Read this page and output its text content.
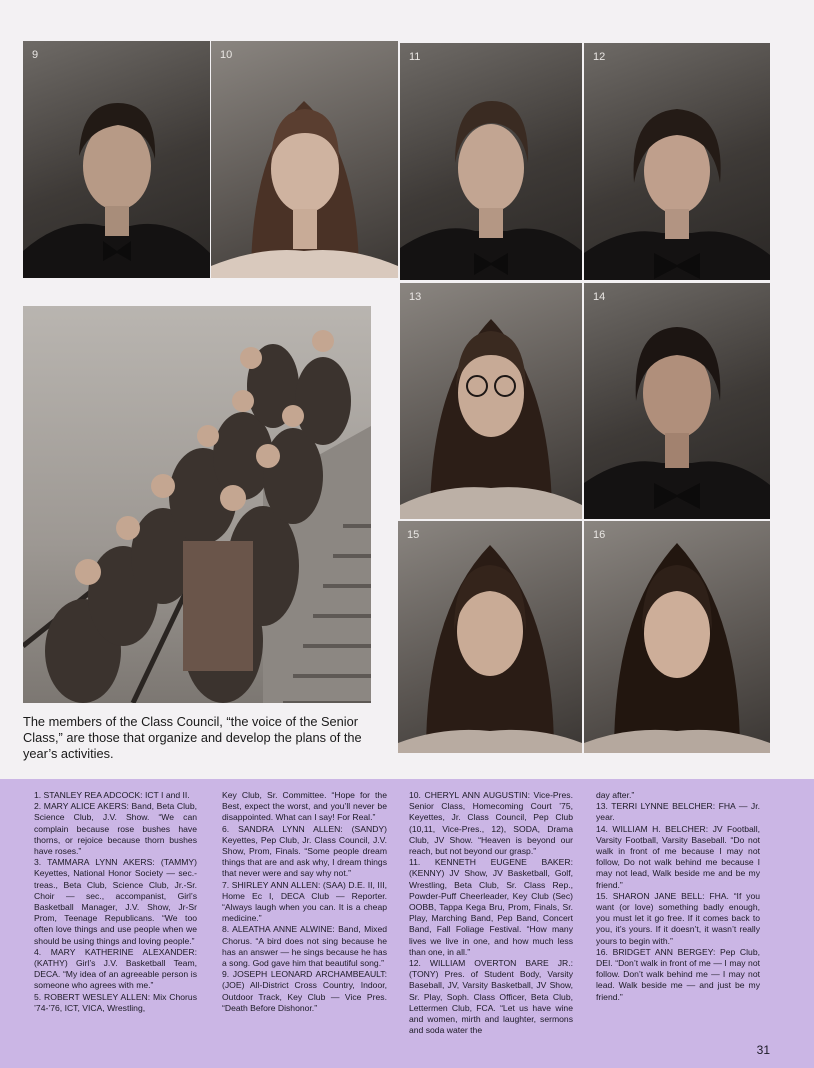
9	10	11	12
13	14
15	16
The members of the Class Council, “the voice of the Senior Class,” are those that organize and develop the plans of the year’s activities.

1. STANLEY REA ADCOCK: ICT I and II.

2. MARY ALICE AKERS: Band, Beta Club, Science Club, J.V. Show. “We can complain because rose bushes have thorns, or rejoice because thorn bushes have roses.”

3. TAMMARA LYNN AKERS: (TAMMY) Keyettes, National Honor Society — sec.-treas., Beta Club, Science Club, Jr.-Sr. Choir — sec., accompanist, Girl’s Basketball Manager, J.V. Show, Jr-Sr Prom, Teenage Republicans. “We too often love things and use people when we should be using things and loving people.”

4. MARY KATHERINE ALEXANDER: (KATHY) Girl’s J.V. Basketball Team, DECA. “My idea of an agreeable person is someone who agrees with me.”

5. ROBERT WESLEY ALLEN: Mix Chorus ’74-’76, ICT, VICA, Wrestling,

Key Club, Sr. Committee. “Hope for the Best, expect the worst, and you’ll never be disappointed. What can I say! For Real.”

6. SANDRA LYNN ALLEN: (SANDY) Keyettes, Pep Club, Jr. Class Council, J.V. Show, Prom, Finals. “Some people dream things that are and ask why, I dream things that never were and say why not.”

7. SHIRLEY ANN ALLEN: (SAA) D.E. II, III, Home Ec I, DECA Club — Reporter. “Always laugh when you can. It is a cheap medicine.”

8. ALEATHA ANNE ALWINE: Band, Mixed Chorus. “A bird does not sing because he has an answer — he sings because he has a song. God gave him that beautiful song.”

9. JOSEPH LEONARD ARCHAMBEAULT: (JOE) All-District Cross Country, Indoor, Outdoor Track, Key Club — Vice Pres. “Death Before Dishonor.”

10. CHERYL ANN AUGUSTIN: Vice-Pres. Senior Class, Homecoming Court ’75, Keyettes, Jr. Class Council, Pep Club (10,11, Vice-Pres., 12), SODA, Drama Club, JV Show. “Heaven is beyond our reach, but not beyond our grasp.”

11. KENNETH EUGENE BAKER: (KENNY) JV Show, JV Basketball, Golf, Wrestling, Beta Club, Sr. Class Rep., Powder-Puff Cheerleader, Key Club (Sec) OOBB, Tappa Kega Bru, Prom, Finals, Sr. Play, Marching Band, Pep Band, Concert Band, Fall Foliage Festival. “How many lives we live in one, and how much less than one, in all.”

12. WILLIAM OVERTON BARE JR.: (TONY) Pres. of Student Body, Varsity Baseball, JV, Varsity Basketball, JV Show, Sr. Play, Soph. Class Officer, Beta Club, Lettermen Club, FCA. “Let us have wine and women, mirth and laughter, sermons and soda water the

day after.”

13. TERRI LYNNE BELCHER: FHA — Jr. year.

14. WILLIAM H. BELCHER: JV Football, Varsity Football, Varsity Baseball. “Do not walk in front of me because I may not follow, Do not walk behind me because I may not lead, Walk beside me and be my friend.”

15. SHARON JANE BELL: FHA. “If you want (or love) something badly enough, you must let it go free. If it comes back to you, it’s yours. If it doesn’t, it wasn’t really yours to begin with.”

16. BRIDGET ANN BERGEY: Pep Club, DEI. “Don’t walk in front of me — I may not follow. Don’t walk behind me — I may not lead. Walk beside me — and just be my friend.”

31
